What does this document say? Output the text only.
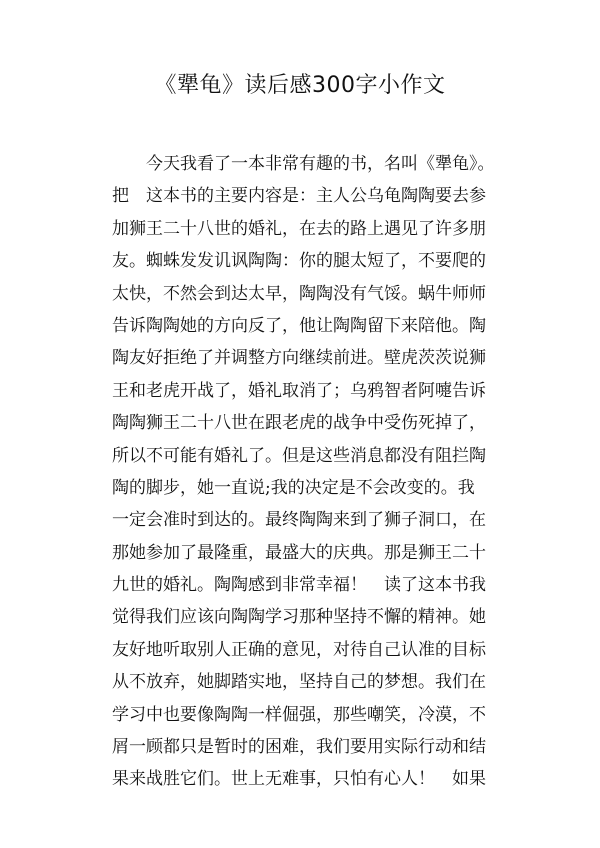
《犟龟》读后感300字小作文
　　今天我看了一本非常有趣的书，名叫《犟龟》。
把　这本书的主要内容是：主人公乌龟陶陶要去参
加狮王二十八世的婚礼，在去的路上遇见了许多朋
友。蜘蛛发发讥讽陶陶：你的腿太短了，不要爬的
太快，不然会到达太早，陶陶没有气馁。蜗牛师师
告诉陶陶她的方向反了，他让陶陶留下来陪他。陶
陶友好拒绝了并调整方向继续前进。壁虎茨茨说狮
王和老虎开战了，婚礼取消了；乌鸦智者阿嚏告诉
陶陶狮王二十八世在跟老虎的战争中受伤死掉了，
所以不可能有婚礼了。但是这些消息都没有阻拦陶
陶的脚步，她一直说;我的决定是不会改变的。我
一定会准时到达的。最终陶陶来到了狮子洞口，在
那她参加了最隆重，最盛大的庆典。那是狮王二十
九世的婚礼。陶陶感到非常幸福！　读了这本书我
觉得我们应该向陶陶学习那种坚持不懈的精神。她
友好地听取别人正确的意见，对待自己认准的目标
从不放弃，她脚踏实地，坚持自己的梦想。我们在
学习中也要像陶陶一样倔强，那些嘲笑，冷漠，不
屑一顾都只是暂时的困难，我们要用实际行动和结
果来战胜它们。世上无难事，只怕有心人！　如果
